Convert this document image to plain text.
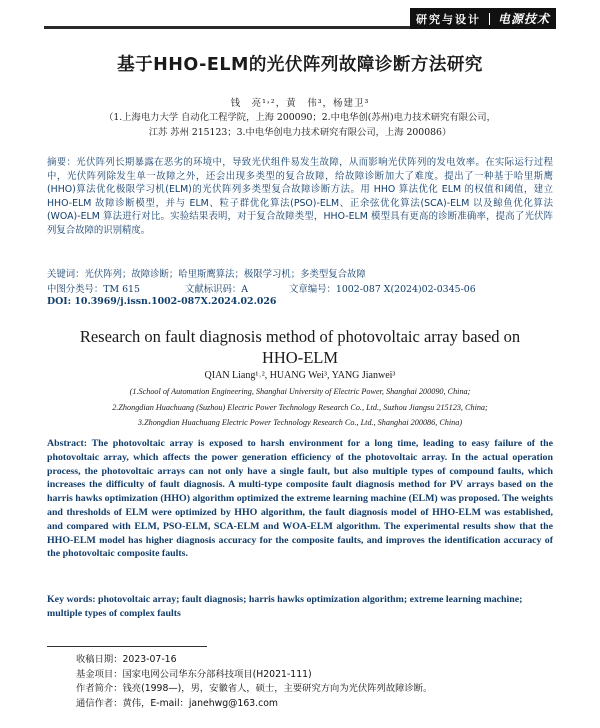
研究与设计 电源技术
基于HHO-ELM的光伏阵列故障诊断方法研究
钱　亮¹˒²，黄　伟³，杨建卫³
（1.上海电力大学 自动化工程学院，上海 200090；2.中电华创(苏州)电力技术研究有限公司，
江苏 苏州 215123；3.中电华创电力技术研究有限公司，上海 200086）

摘要：光伏阵列长期暴露在恶劣的环境中，导致光伏组件易发生故障，从而影响光伏阵列的发电效率。在实际运行过程中，光伏阵列除发生单一故障之外，还会出现多类型的复合故障，给故障诊断加大了难度。提出了一种基于哈里斯鹰(HHO)算法优化极限学习机(ELM)的光伏阵列多类型复合故障诊断方法。用 HHO 算法优化 ELM 的权值和阈值，建立 HHO-ELM 故障诊断模型，并与 ELM、粒子群优化算法(PSO)-ELM、正余弦优化算法(SCA)-ELM 以及鲸鱼优化算法(WOA)-ELM 算法进行对比。实验结果表明，对于复合故障类型，HHO-ELM 模型具有更高的诊断准确率，提高了光伏阵列复合故障的识别精度。

关键词：光伏阵列；故障诊断；哈里斯鹰算法；极限学习机；多类型复合故障
中图分类号：TM 615	文献标识码：A	文章编号：1002-087 X(2024)02-0345-06
DOI: 10.3969/j.issn.1002-087X.2024.02.026
Research on fault diagnosis method of photovoltaic array based on
HHO-ELM
QIAN Liang¹˒², HUANG Wei³, YANG Jianwei³
(1.School of Automation Engineering, Shanghai University of Electric Power, Shanghai 200090, China;
2.Zhongdian Huachuang (Suzhou) Electric Power Technology Research Co., Ltd., Suzhou Jiangsu 215123, China;
3.Zhongdian Huachuang Electric Power Technology Research Co., Ltd., Shanghai 200086, China)

Abstract: The photovoltaic array is exposed to harsh environment for a long time, leading to easy failure of the photovoltaic array, which affects the power generation efficiency of the photovoltaic array. In the actual operation process, the photovoltaic arrays can not only have a single fault, but also multiple types of compound faults, which increases the difficulty of fault diagnosis. A multi-type composite fault diagnosis method for PV arrays based on the harris hawks optimization (HHO) algorithm optimized the extreme learning machine (ELM) was proposed. The weights and thresholds of ELM were optimized by HHO algorithm, the fault diagnosis model of HHO-ELM was established, and compared with ELM, PSO-ELM, SCA-ELM and WOA-ELM algorithm. The experimental results show that the HHO-ELM model has higher diagnosis accuracy for the composite faults, and improves the identification accuracy of the photovoltaic composite faults.

Key words: photovoltaic array; fault diagnosis; harris hawks optimization algorithm; extreme learning machine; multiple types of complex faults

收稿日期：2023-07-16
基金项目：国家电网公司华东分部科技项目(H2021-111)
作者简介：钱亮(1998—)，男，安徽省人，硕士，主要研究方向为光伏阵列故障诊断。
通信作者：黄伟，E-mail：janehwg@163.com
